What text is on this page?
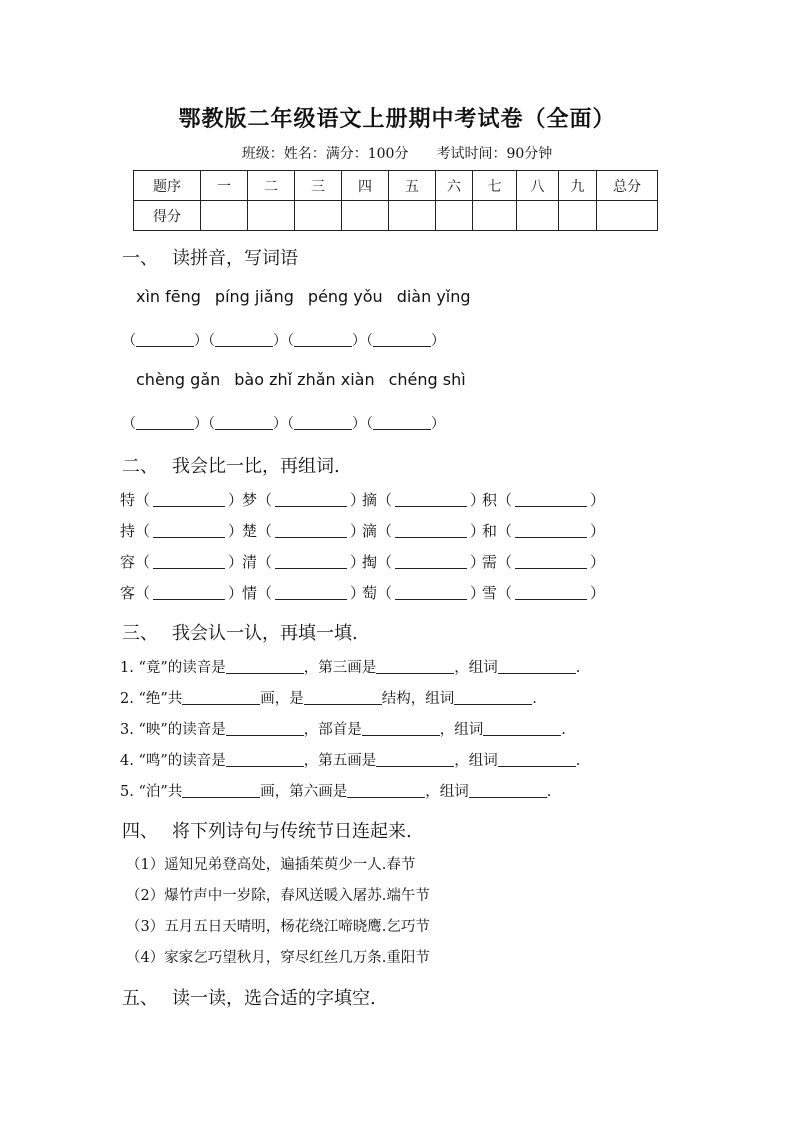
鄂教版二年级语文上册期中考试卷（全面）
班级：姓名：满分：100分 考试时间：90分钟
题序	一	二	三	四	五	六	七	八	九	总分
得分										
一、 读拼音，写词语
xìn fēng píng jiǎng péng yǒu diàn yǐng
（	）（	）（	）（	）
chèng gǎn bào zhǐ zhǎn xiàn chéng shì
（	）（	）（	）（	）
二、 我会比一比，再组词.
特（	）梦（	）摘（	）积（	）
持（	）楚（	）滴（	）和（	）
容（	）清（	）掏（	）需（	）
客（	）情（	）萄（	）雪（	）
三、 我会认一认，再填一填.
1. “竟”的读音是	，第三画是	，组词	.
2. “绝”共	画，是	结构，组词	.
3. “映”的读音是	，部首是	，组词	.
4. “鸣”的读音是	，第五画是	，组词	.
5. “泊”共	画，第六画是	，组词	.
四、 将下列诗句与传统节日连起来.
（1）遥知兄弟登高处，遍插茱萸少一人.春节
（2）爆竹声中一岁除，春风送暖入屠苏.端午节
（3）五月五日天晴明，杨花绕江啼晓鹰.乞巧节
（4）家家乞巧望秋月，穿尽红丝几万条.重阳节
五、 读一读，选合适的字填空.
